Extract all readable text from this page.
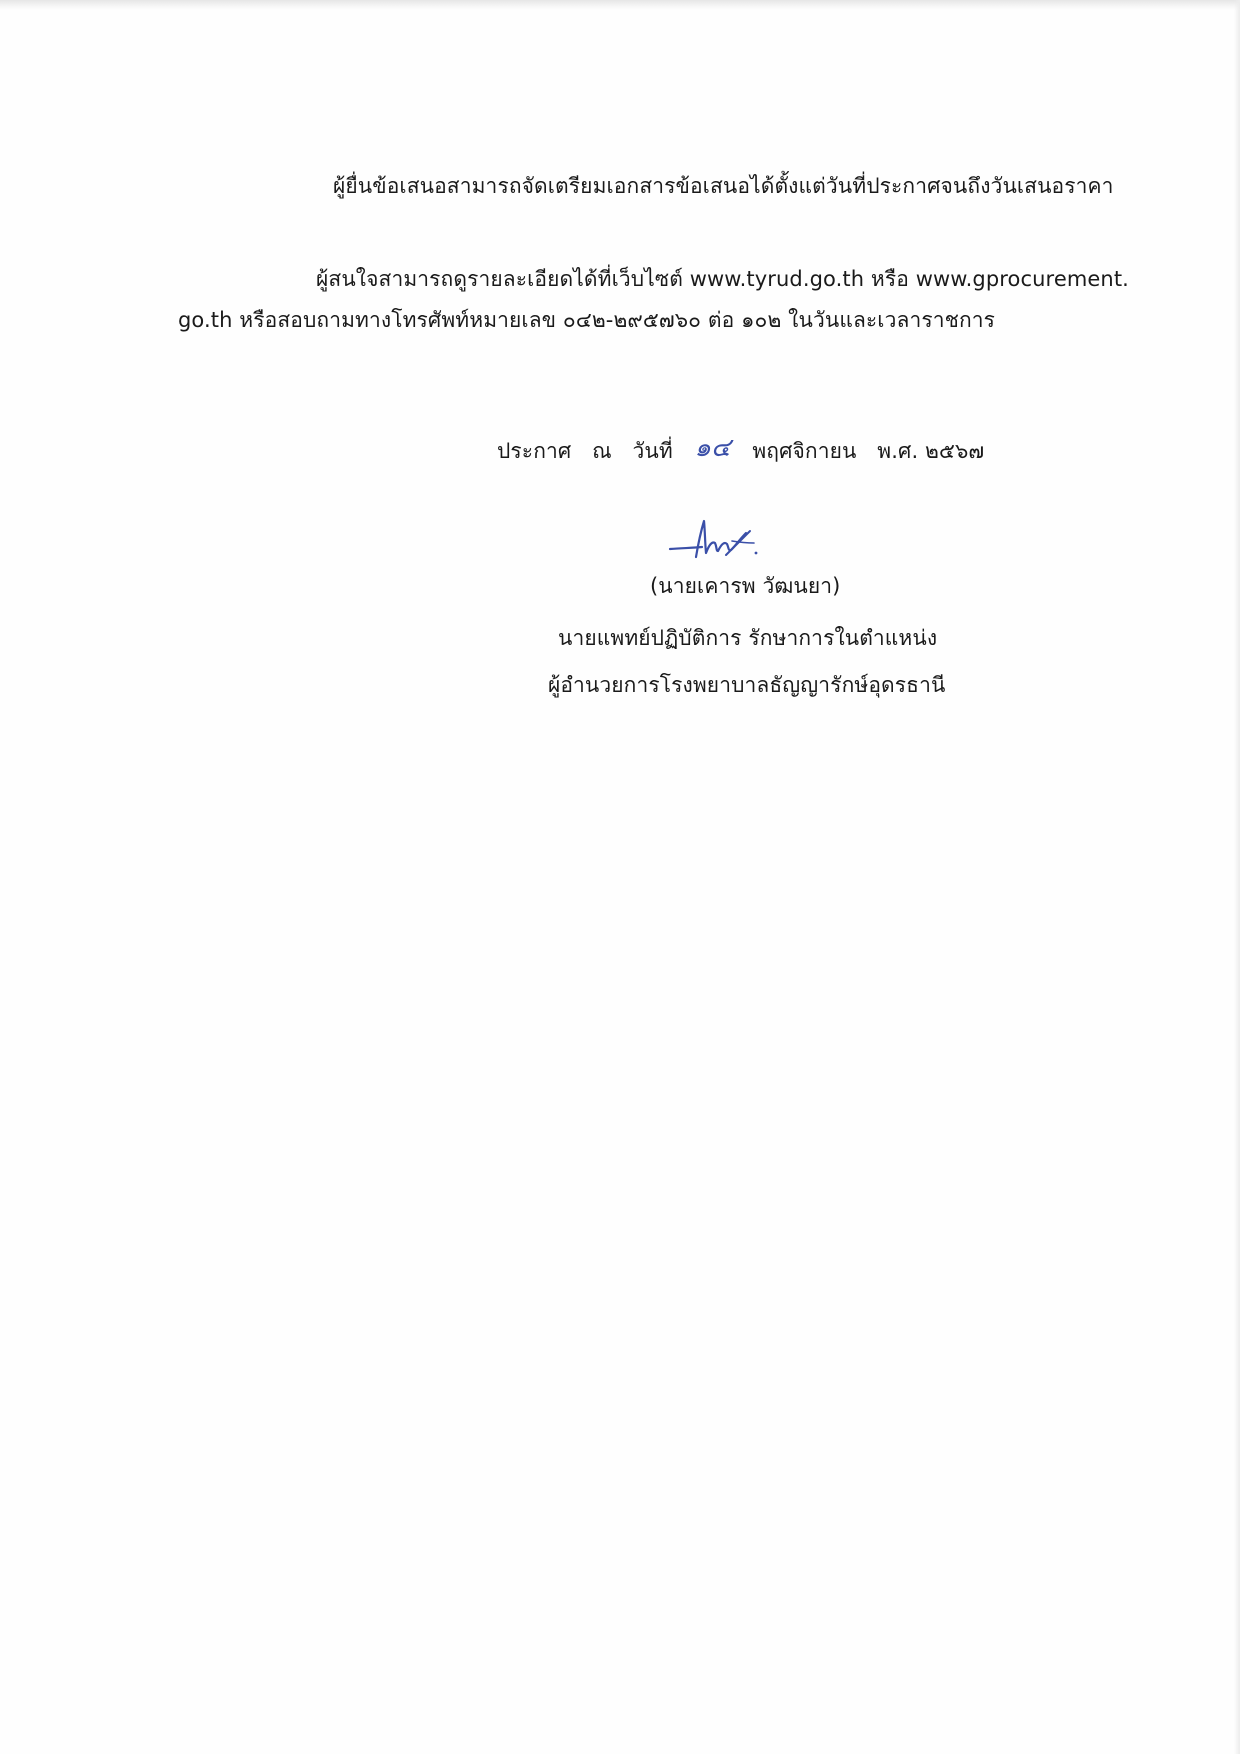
ผู้ยื่นข้อเสนอสามารถจัดเตรียมเอกสารข้อเสนอได้ตั้งแต่วันที่ประกาศจนถึงวันเสนอราคา
ผู้สนใจสามารถดูรายละเอียดได้ที่เว็บไซต์ www.tyrud.go.th หรือ www.gprocurement.
go.th หรือสอบถามทางโทรศัพท์หมายเลข ๐๔๒-๒๙๕๗๖๐ ต่อ ๑๐๒ ในวันและเวลาราชการ
ประกาศ ณ วันที่ ๑๔ พฤศจิกายน พ.ศ. ๒๕๖๗
(นายเคารพ วัฒนยา)
นายแพทย์ปฏิบัติการ รักษาการในตำแหน่ง
ผู้อำนวยการโรงพยาบาลธัญญารักษ์อุดรธานี
